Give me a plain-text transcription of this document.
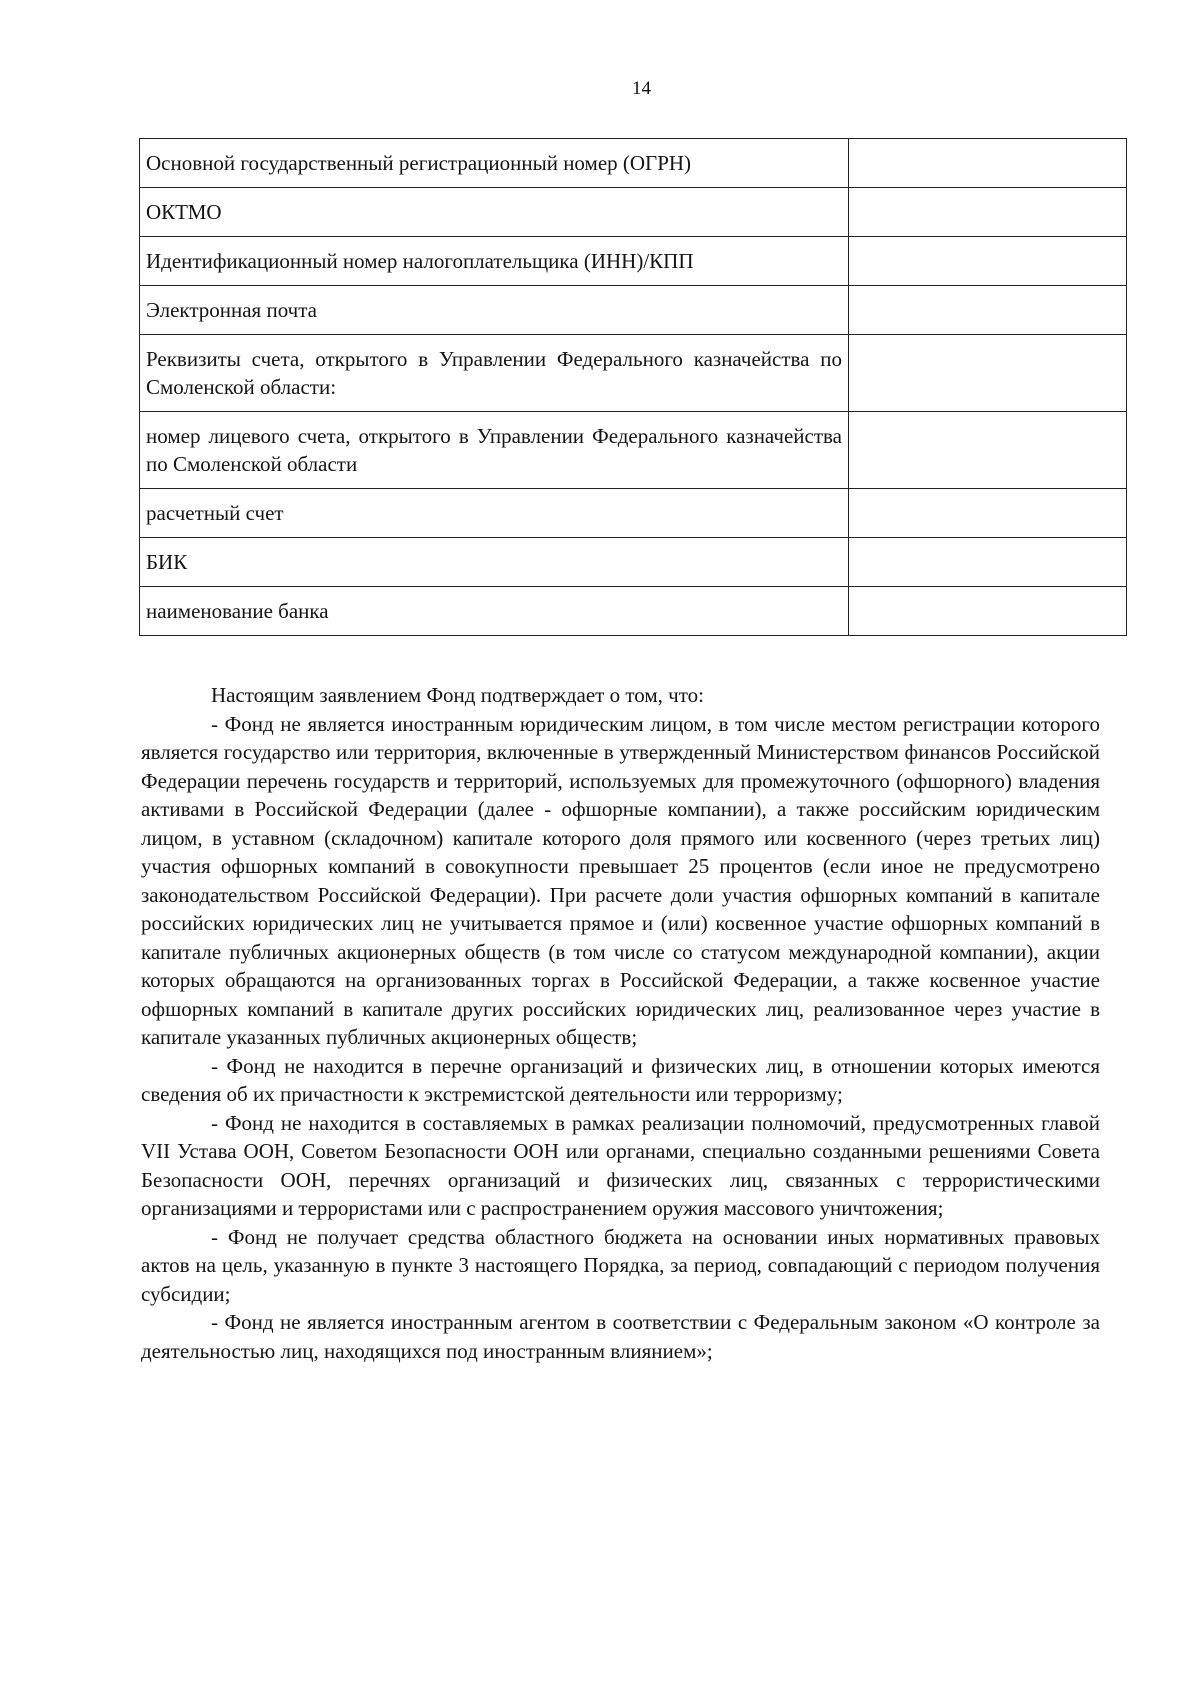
14
Основной государственный регистрационный номер (ОГРН)	
ОКТМО	
Идентификационный номер налогоплательщика (ИНН)/КПП	
Электронная почта	
Реквизиты счета, открытого в Управлении Федерального казначейства по Смоленской области:	
номер лицевого счета, открытого в Управлении Федерального казначейства по Смоленской области	
расчетный счет	
БИК	
наименование банка	

Настоящим заявлением Фонд подтверждает о том, что:

- Фонд не является иностранным юридическим лицом, в том числе местом регистрации которого является государство или территория, включенные в утвержденный Министерством финансов Российской Федерации перечень государств и территорий, используемых для промежуточного (офшорного) владения активами в Российской Федерации (далее - офшорные компании), а также российским юридическим лицом, в уставном (складочном) капитале которого доля прямого или косвенного (через третьих лиц) участия офшорных компаний в совокупности превышает 25 процентов (если иное не предусмотрено законодательством Российской Федерации). При расчете доли участия офшорных компаний в капитале российских юридических лиц не учитывается прямое и (или) косвенное участие офшорных компаний в капитале публичных акционерных обществ (в том числе со статусом международной компании), акции которых обращаются на организованных торгах в Российской Федерации, а также косвенное участие офшорных компаний в капитале других российских юридических лиц, реализованное через участие в капитале указанных публичных акционерных обществ;

- Фонд не находится в перечне организаций и физических лиц, в отношении которых имеются сведения об их причастности к экстремистской деятельности или терроризму;

- Фонд не находится в составляемых в рамках реализации полномочий, предусмотренных главой VII Устава ООН, Советом Безопасности ООН или органами, специально созданными решениями Совета Безопасности ООН, перечнях организаций и физических лиц, связанных с террористическими организациями и террористами или с распространением оружия массового уничтожения;

- Фонд не получает средства областного бюджета на основании иных нормативных правовых актов на цель, указанную в пункте 3 настоящего Порядка, за период, совпадающий с периодом получения субсидии;

- Фонд не является иностранным агентом в соответствии с Федеральным законом «О контроле за деятельностью лиц, находящихся под иностранным влиянием»;
